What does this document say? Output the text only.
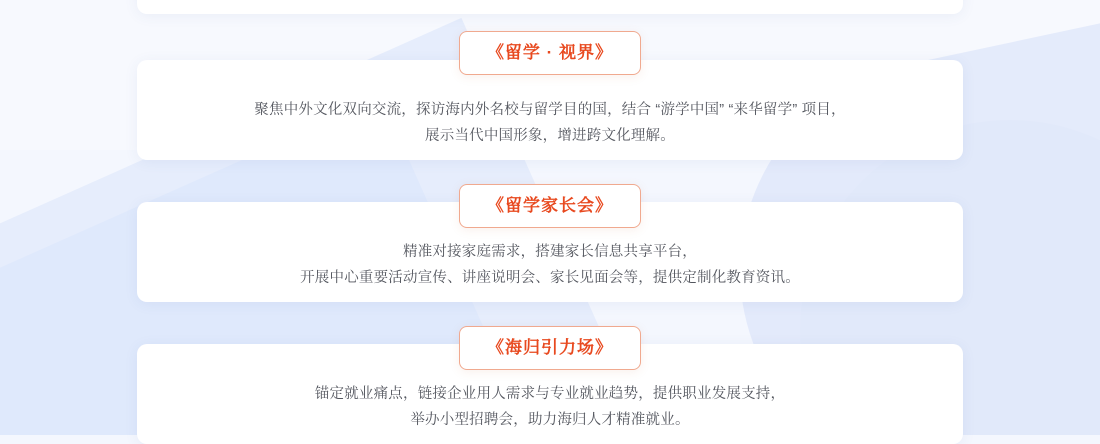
聚焦中外文化双向交流，探访海内外名校与留学目的国，结合 “游学中国” “来华留学” 项目，
展示当代中国形象，增进跨文化理解。
《留学 · 视界》
精准对接家庭需求，搭建家长信息共享平台，
开展中心重要活动宣传、讲座说明会、家长见面会等，提供定制化教育资讯。
《留学家长会》
锚定就业痛点，链接企业用人需求与专业就业趋势，提供职业发展支持，
举办小型招聘会，助力海归人才精准就业。
《海归引力场》
